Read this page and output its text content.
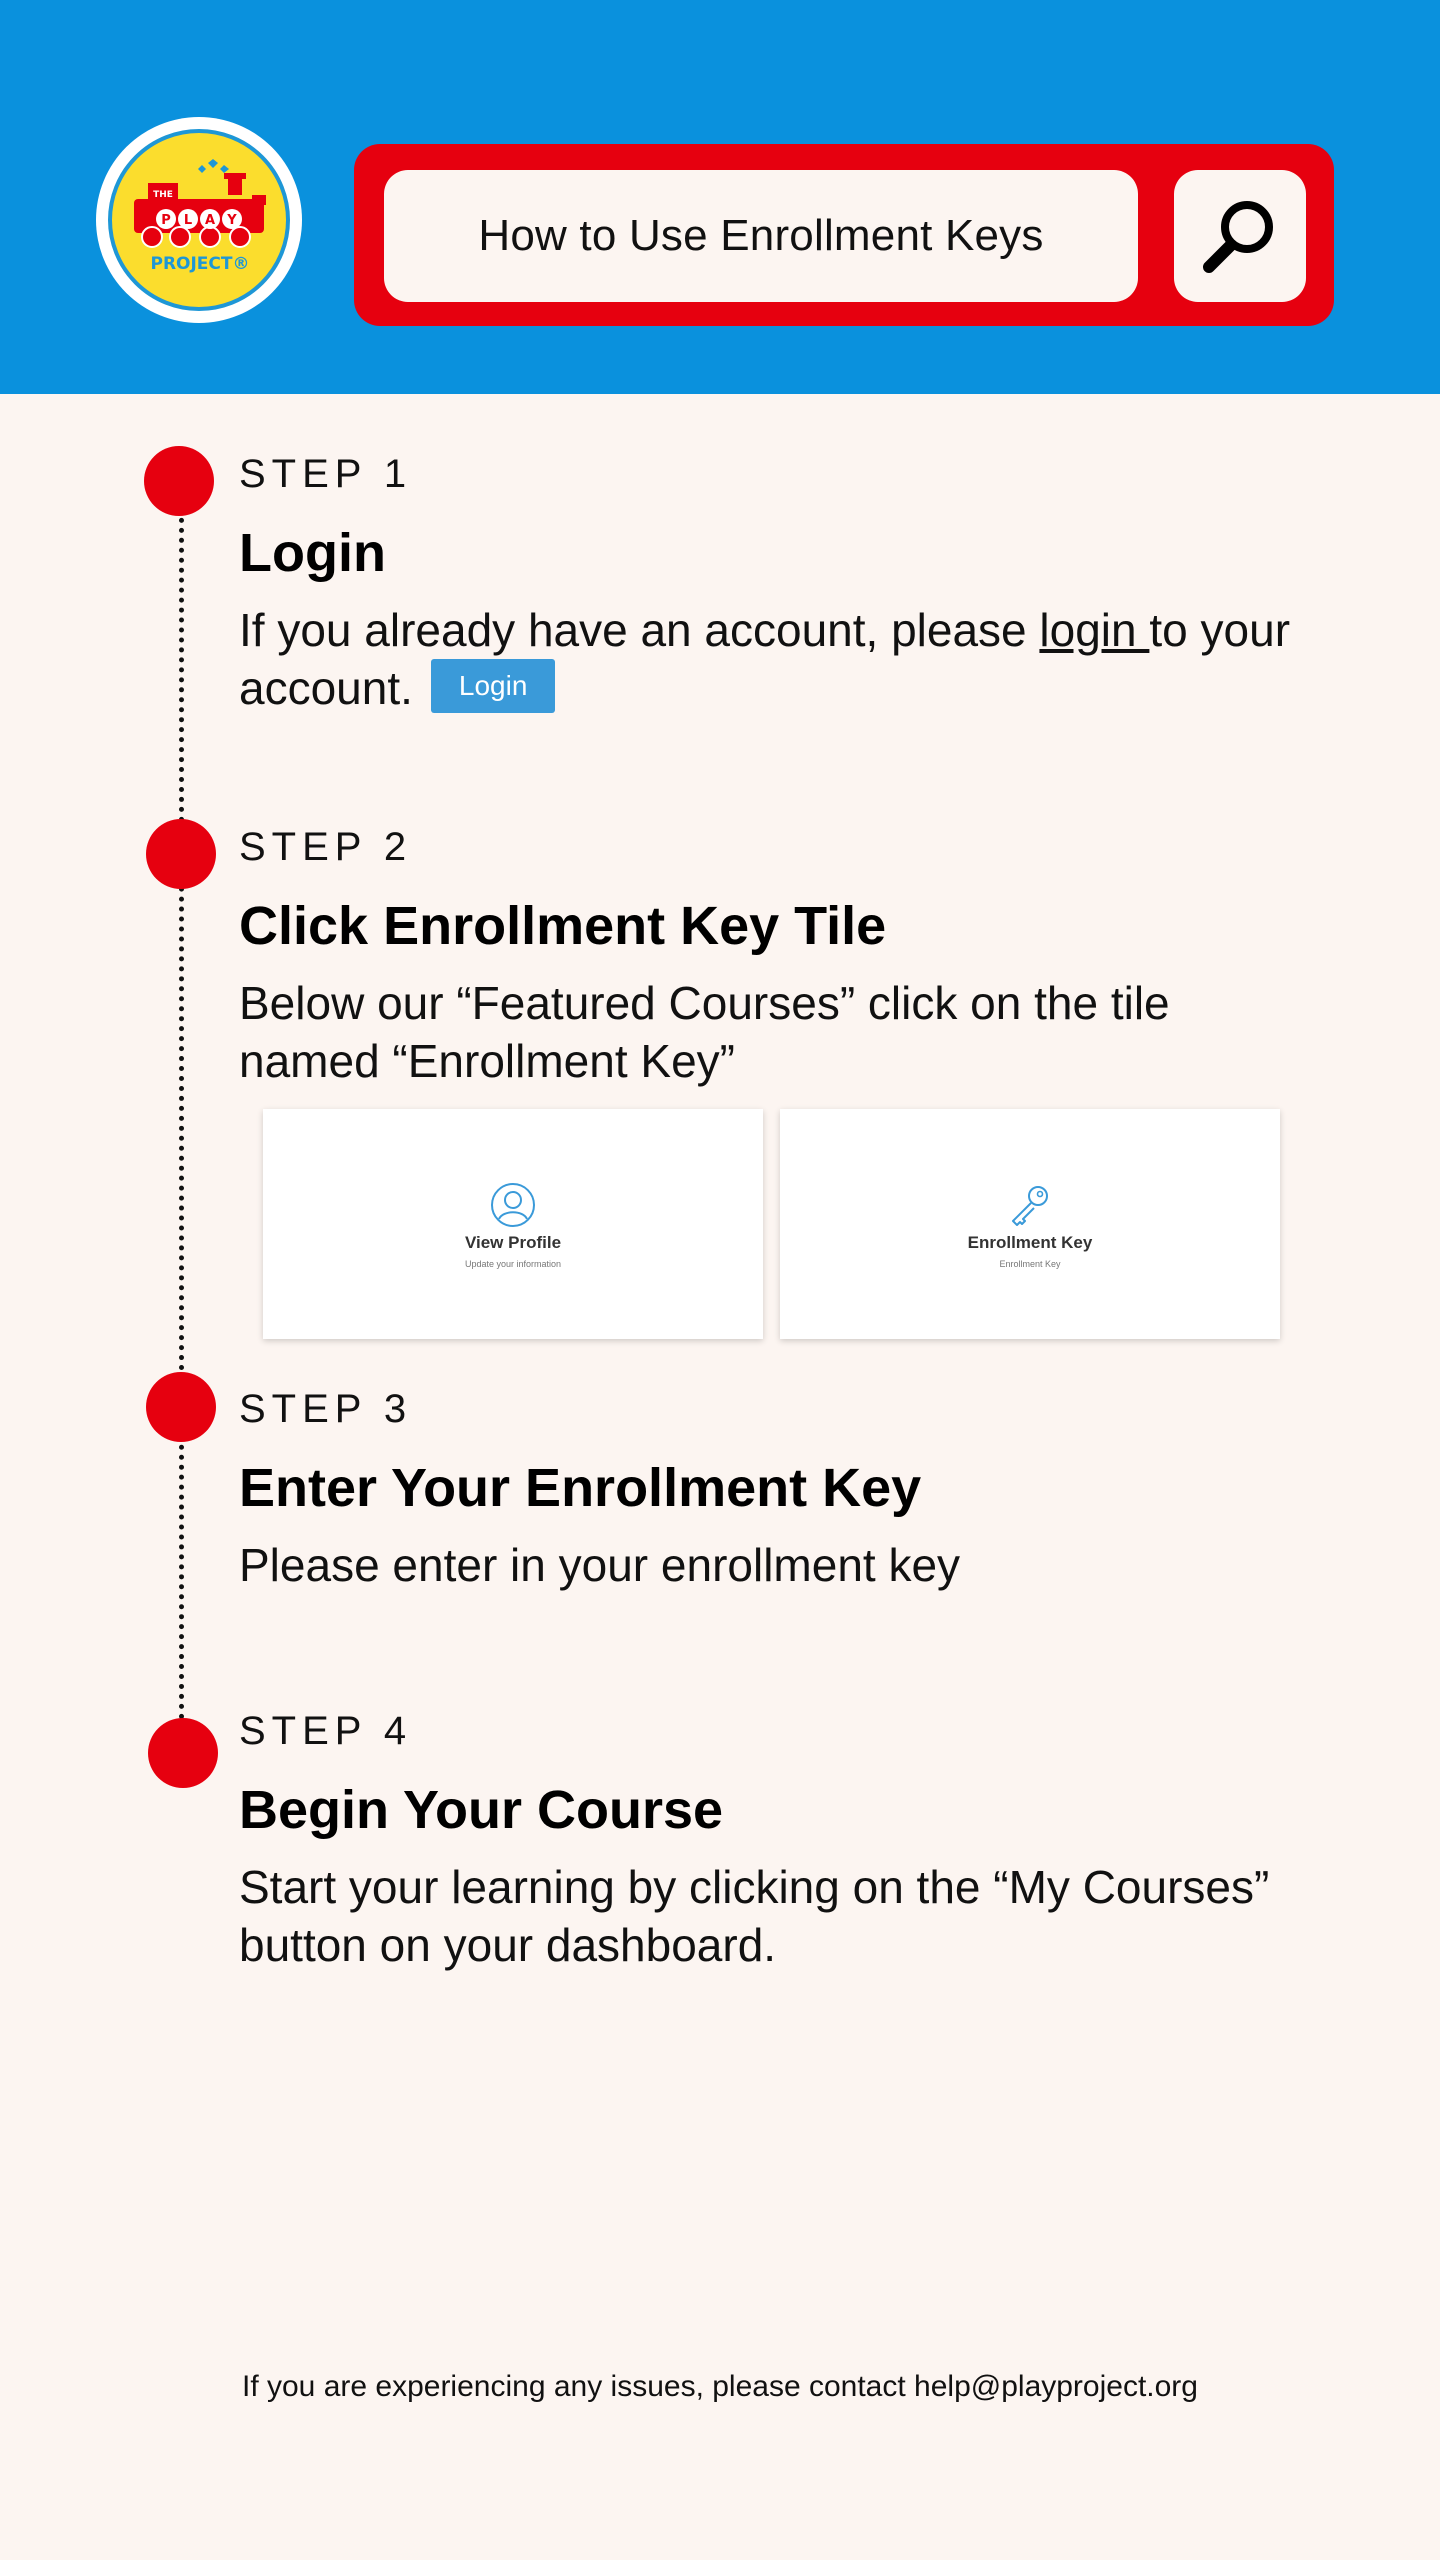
THE
P L A Y
PROJECT®
How to Use Enrollment Keys
STEP 1
Login
If you already have an account, please login to your account. Login
STEP 2
Click Enrollment Key Tile
Below our “Featured Courses” click on the tile named “Enrollment Key”
View Profile
Update your information
Enrollment Key
Enrollment Key
STEP 3
Enter Your Enrollment Key
Please enter in your enrollment key
STEP 4
Begin Your Course
Start your learning by clicking on the “My Courses” button on your dashboard.
If you are experiencing any issues, please contact help@playproject.org
